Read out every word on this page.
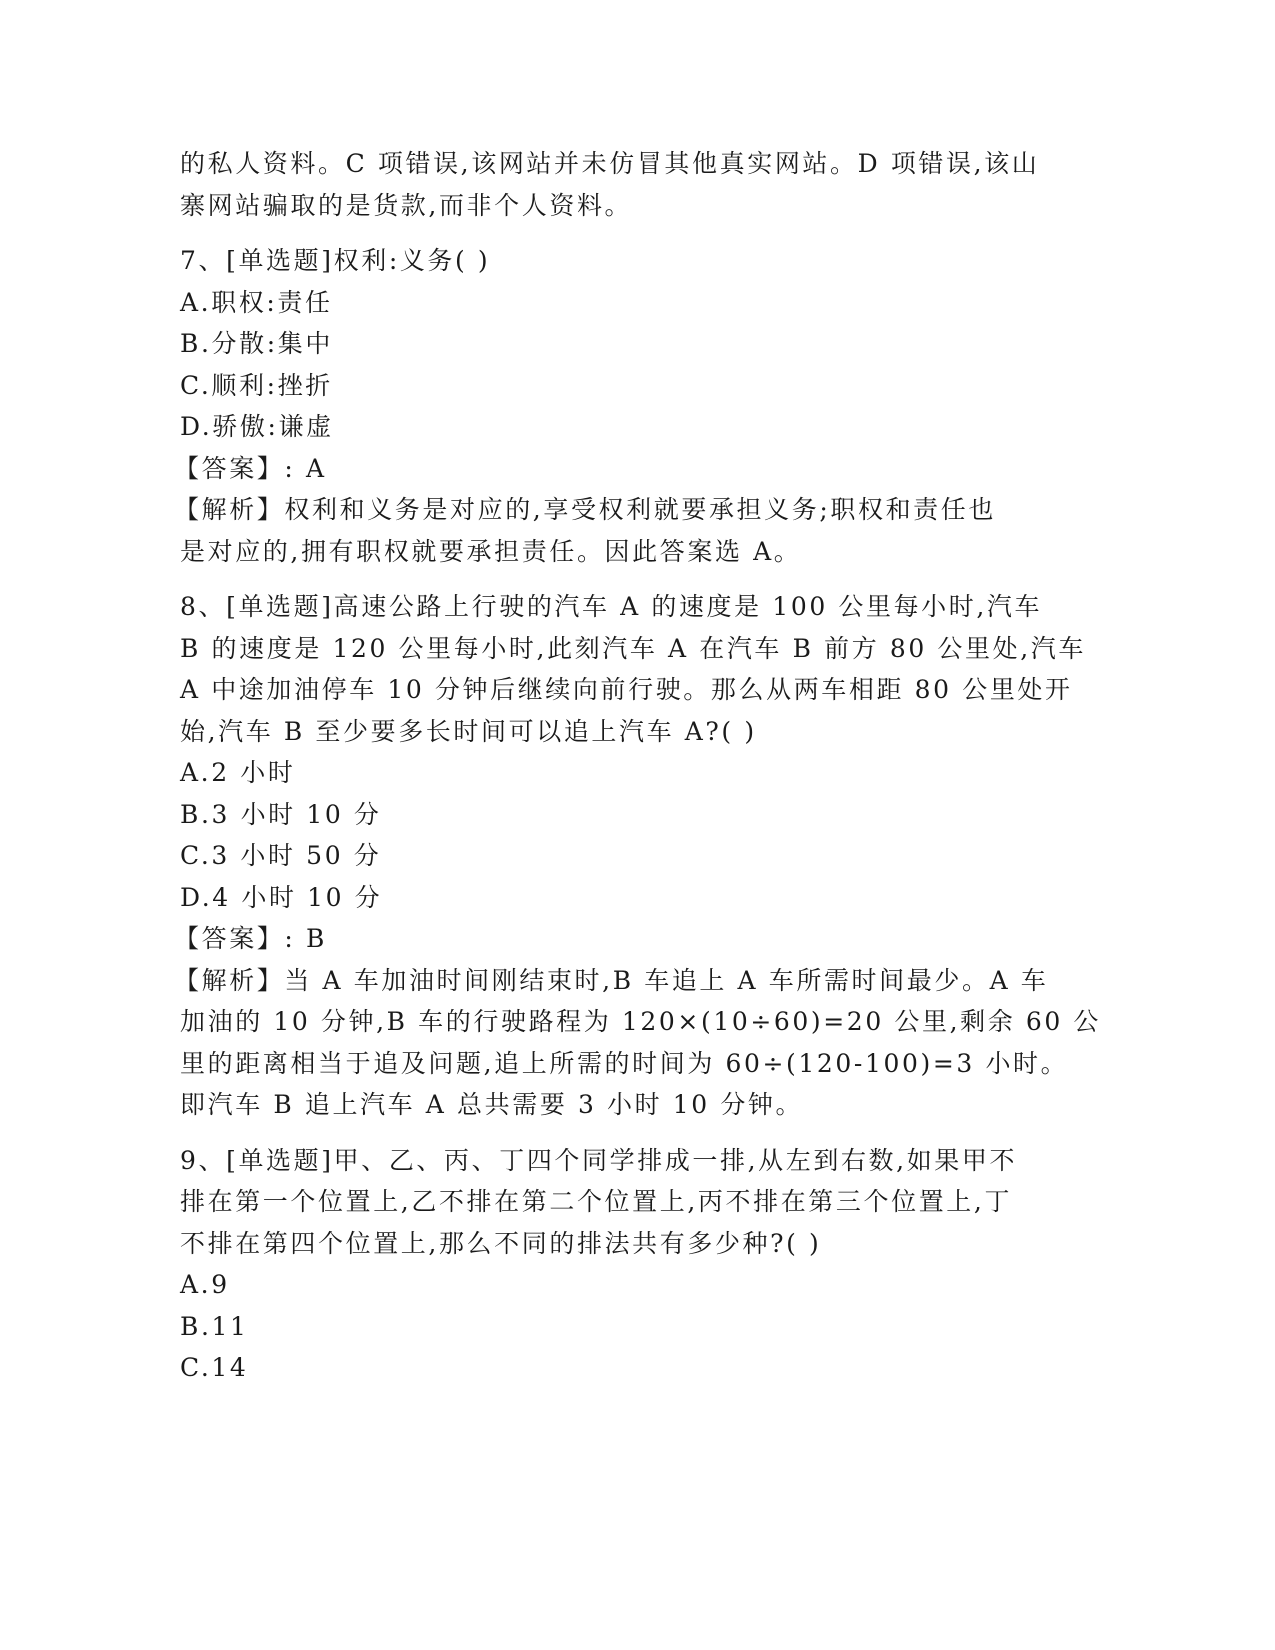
的私人资料。C 项错误,该网站并未仿冒其他真实网站。D 项错误,该山
寨网站骗取的是货款,而非个人资料。
7、[单选题]权利:义务( )
A.职权:责任
B.分散:集中
C.顺利:挫折
D.骄傲:谦虚
【答案】: A
【解析】权利和义务是对应的,享受权利就要承担义务;职权和责任也
是对应的,拥有职权就要承担责任。因此答案选 A。
8、[单选题]高速公路上行驶的汽车 A 的速度是 100 公里每小时,汽车
B 的速度是 120 公里每小时,此刻汽车 A 在汽车 B 前方 80 公里处,汽车
A 中途加油停车 10 分钟后继续向前行驶。那么从两车相距 80 公里处开
始,汽车 B 至少要多长时间可以追上汽车 A?( )
A.2 小时
B.3 小时 10 分
C.3 小时 50 分
D.4 小时 10 分
【答案】: B
【解析】当 A 车加油时间刚结束时,B 车追上 A 车所需时间最少。A 车
加油的 10 分钟,B 车的行驶路程为 120×(10÷60)=20 公里,剩余 60 公
里的距离相当于追及问题,追上所需的时间为 60÷(120-100)=3 小时。
即汽车 B 追上汽车 A 总共需要 3 小时 10 分钟。
9、[单选题]甲、乙、丙、丁四个同学排成一排,从左到右数,如果甲不
排在第一个位置上,乙不排在第二个位置上,丙不排在第三个位置上,丁
不排在第四个位置上,那么不同的排法共有多少种?( )
A.9
B.11
C.14
